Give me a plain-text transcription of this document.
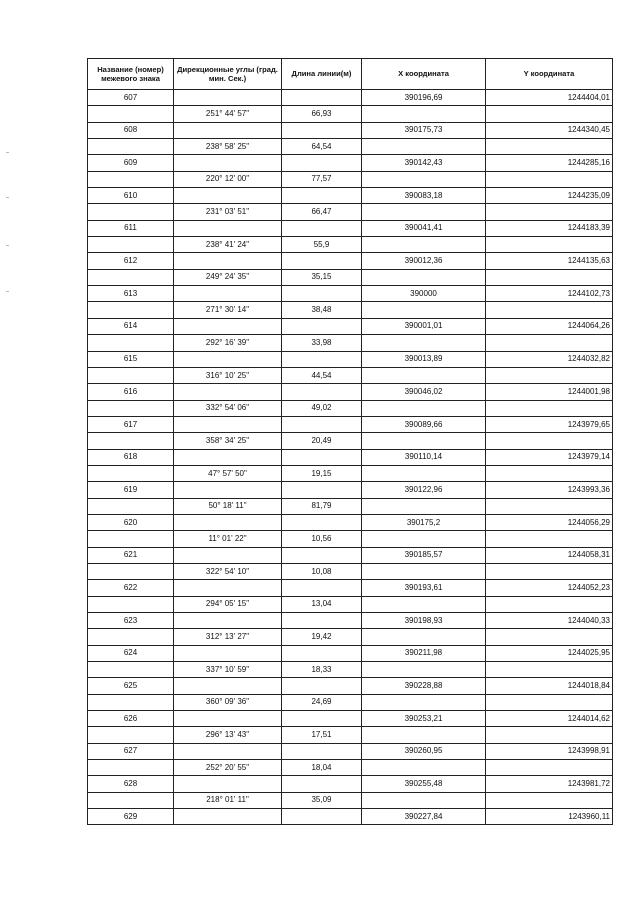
Название (номер) межевого знака	Дирекционные углы (град. мин. Сек.)	Длина линии(м)	X координата	Y координата
607			390196,69	1244404,01
	251° 44' 57"	66,93		
608			390175,73	1244340,45
	238° 58' 25"	64,54		
609			390142,43	1244285,16
	220° 12' 00"	77,57		
610			390083,18	1244235,09
	231° 03' 51"	66,47		
611			390041,41	1244183,39
	238° 41' 24"	55,9		
612			390012,36	1244135,63
	249° 24' 35"	35,15		
613			390000	1244102,73
	271° 30' 14"	38,48		
614			390001,01	1244064,26
	292° 16' 39"	33,98		
615			390013,89	1244032,82
	316° 10' 25"	44,54		
616			390046,02	1244001,98
	332° 54' 06"	49,02		
617			390089,66	1243979,65
	358° 34' 25"	20,49		
618			390110,14	1243979,14
	47° 57' 50"	19,15		
619			390122,96	1243993,36
	50° 18' 11"	81,79		
620			390175,2	1244056,29
	11° 01' 22"	10,56		
621			390185,57	1244058,31
	322° 54' 10"	10,08		
622			390193,61	1244052,23
	294° 05' 15"	13,04		
623			390198,93	1244040,33
	312° 13' 27"	19,42		
624			390211,98	1244025,95
	337° 10' 59"	18,33		
625			390228,88	1244018,84
	360° 09' 36"	24,69		
626			390253,21	1244014,62
	296° 13' 43"	17,51		
627			390260,95	1243998,91
	252° 20' 55"	18,04		
628			390255,48	1243981,72
	218° 01' 11"	35,09		
629			390227,84	1243960,11
